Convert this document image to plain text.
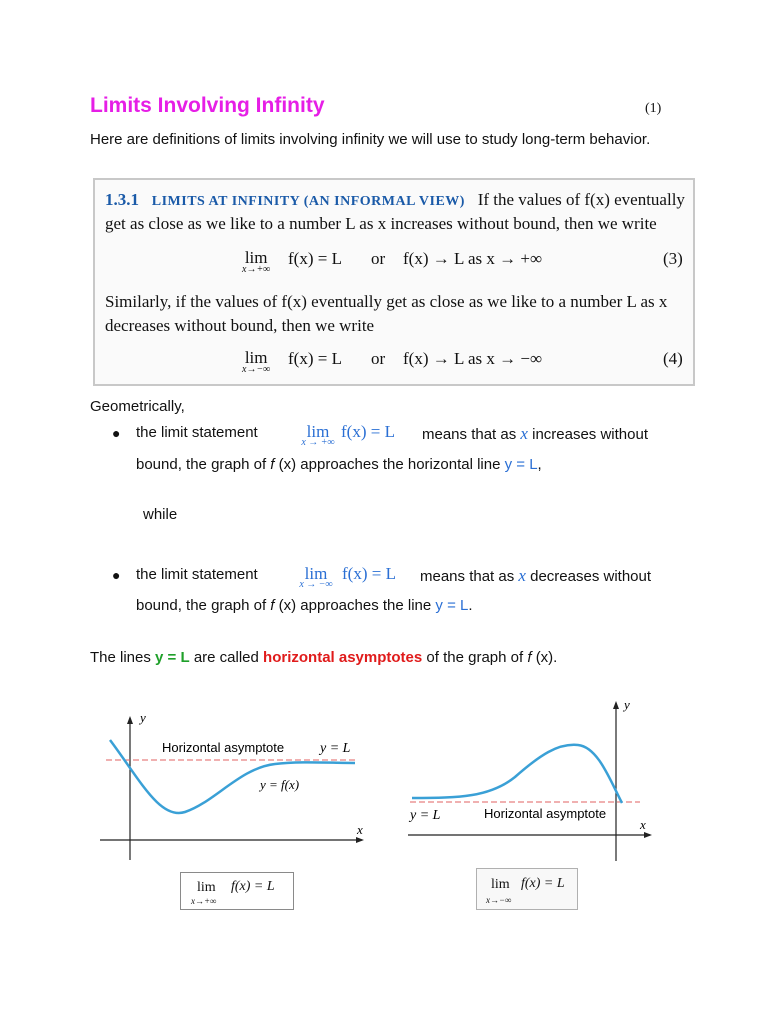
Limits Involving Infinity	(1)
Here are definitions of limits involving infinity we will use to study long-term behavior.
1.3.1 LIMITS AT INFINITY (AN INFORMAL VIEW) If the values of f(x) eventually
get as close as we like to a number L as x increases without bound, then we write
lim
x→+∞
f(x) = L or f(x) → L as x → +∞	(3)
Similarly, if the values of f(x) eventually get as close as we like to a number L as x
decreases without bound, then we write
lim
x→−∞
f(x) = L or f(x) → L as x → −∞	(4)
Geometrically,
● the limit statement	lim
x → +∞
f(x) = L means that as x increases without
bound, the graph of f (x) approaches the horizontal line y = L,
while
● the limit statement	lim
x → −∞
f(x) = L means that as x decreases without
bound, the graph of f (x) approaches the line y = L.
The lines y = L are called horizontal asymptotes of the graph of f (x).
y
x
Horizontal asymptote	y = L
y = f(x)
lim f(x) = L
x→+∞
y
x
y = L	Horizontal asymptote
lim f(x) = L
x→−∞
